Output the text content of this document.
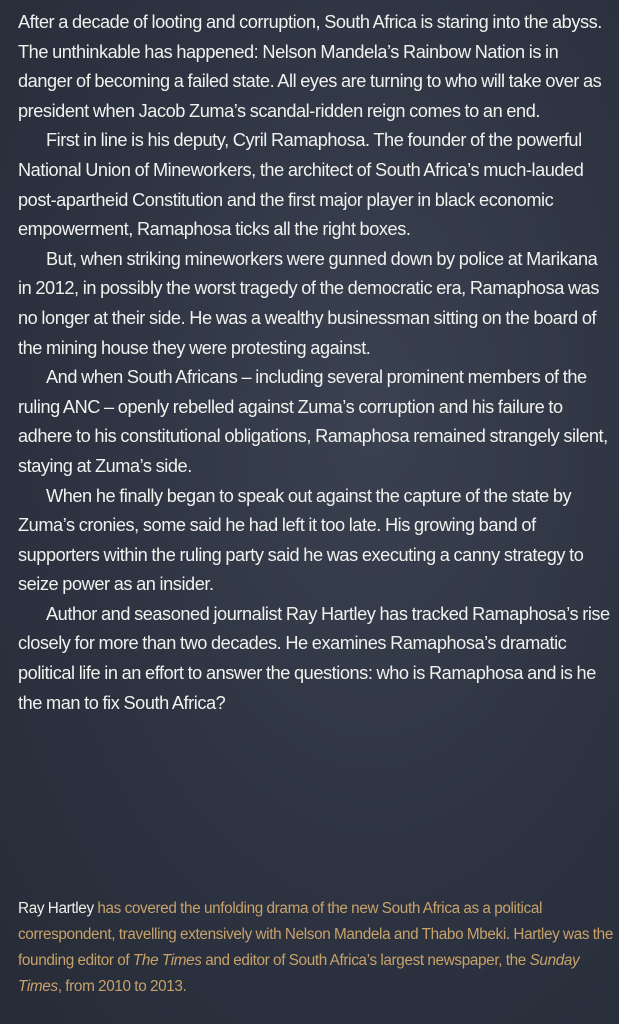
After a decade of looting and corruption, South Africa is staring into the abyss. The unthinkable has happened: Nelson Mandela’s Rainbow Nation is in danger of becoming a failed state. All eyes are turning to who will take over as president when Jacob Zuma’s scandal-ridden reign comes to an end.

First in line is his deputy, Cyril Ramaphosa. The founder of the powerful National Union of Mineworkers, the architect of South Africa’s much-lauded post-apartheid Constitution and the first major player in black economic empowerment, Ramaphosa ticks all the right boxes.

But, when striking mineworkers were gunned down by police at Marikana in 2012, in possibly the worst tragedy of the democratic era, Ramaphosa was no longer at their side. He was a wealthy businessman sitting on the board of the mining house they were protesting against.

And when South Africans – including several prominent members of the ruling ANC – openly rebelled against Zuma’s corruption and his failure to adhere to his constitutional obligations, Ramaphosa remained strangely silent, staying at Zuma’s side.

When he finally began to speak out against the capture of the state by Zuma’s cronies, some said he had left it too late. His growing band of supporters within the ruling party said he was executing a canny strategy to seize power as an insider.

Author and seasoned journalist Ray Hartley has tracked Ramaphosa’s rise closely for more than two decades. He examines Ramaphosa’s dramatic political life in an effort to answer the questions: who is Ramaphosa and is he the man to fix South Africa?

Ray Hartley has covered the unfolding drama of the new South Africa as a political correspondent, travelling extensively with Nelson Mandela and Thabo Mbeki. Hartley was the founding editor of The Times and editor of South Africa’s largest newspaper, the Sunday Times, from 2010 to 2013.
